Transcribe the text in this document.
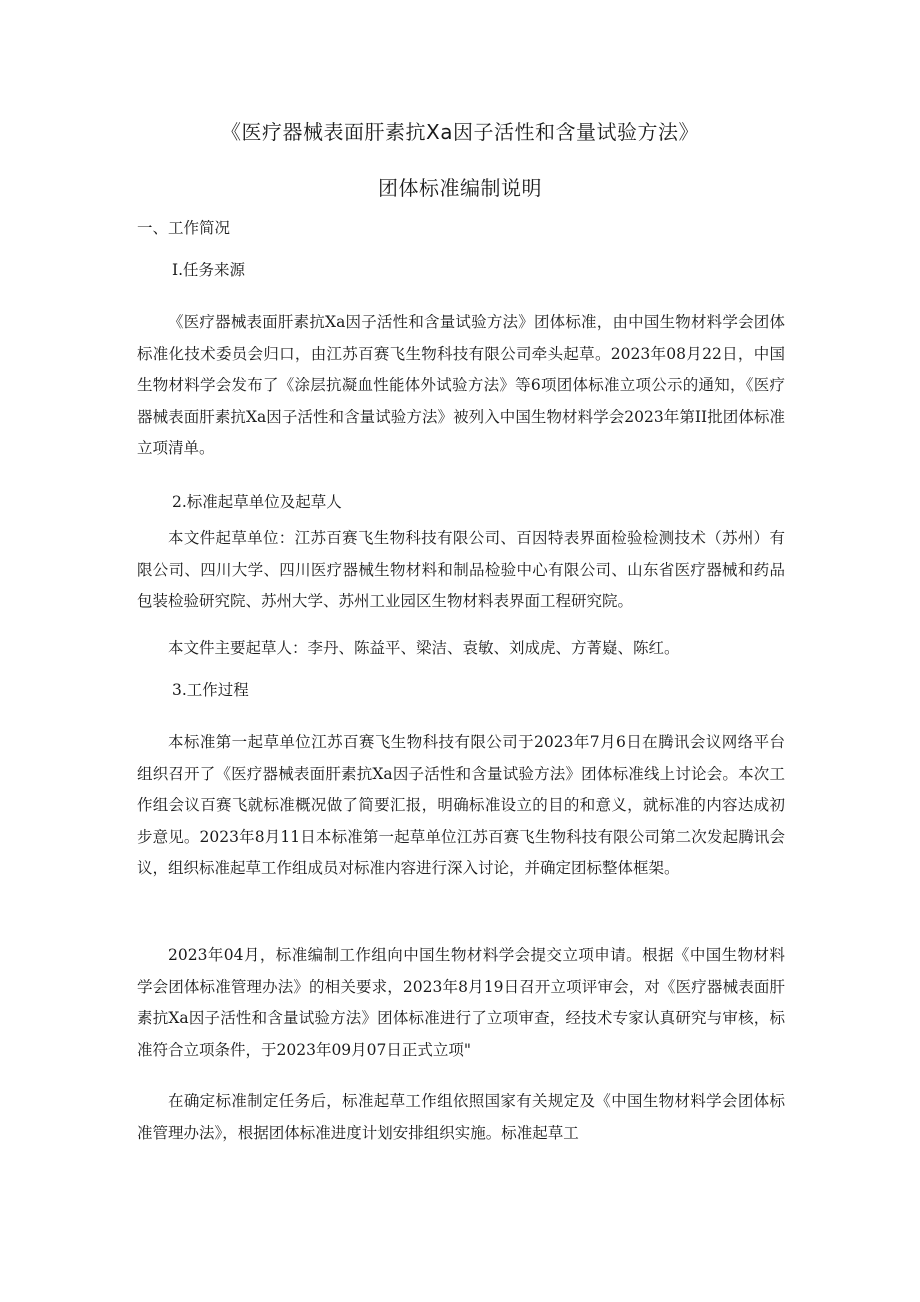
《医疗器械表面肝素抗Xa因子活性和含量试验方法》
团体标准编制说明
一、工作简况
I.任务来源
《医疗器械表面肝素抗Xa因子活性和含量试验方法》团体标准，由中国生物材料学会团体标准化技术委员会归口，由江苏百赛飞生物科技有限公司牵头起草。2023年08月22日，中国生物材料学会发布了《涂层抗凝血性能体外试验方法》等6项团体标准立项公示的通知，《医疗器械表面肝素抗Xa因子活性和含量试验方法》被列入中国生物材料学会2023年第II批团体标准立项清单。
2.标准起草单位及起草人
本文件起草单位：江苏百赛飞生物科技有限公司、百因特表界面检验检测技术（苏州）有限公司、四川大学、四川医疗器械生物材料和制品检验中心有限公司、山东省医疗器械和药品包装检验研究院、苏州大学、苏州工业园区生物材料表界面工程研究院。
本文件主要起草人：李丹、陈益平、梁洁、袁敏、刘成虎、方菁嶷、陈红。
3.工作过程
本标准第一起草单位江苏百赛飞生物科技有限公司于2023年7月6日在腾讯会议网络平台组织召开了《医疗器械表面肝素抗Xa因子活性和含量试验方法》团体标准线上讨论会。本次工作组会议百赛飞就标准概况做了简要汇报，明确标准设立的目的和意义，就标准的内容达成初步意见。2023年8月11日本标准第一起草单位江苏百赛飞生物科技有限公司第二次发起腾讯会议，组织标准起草工作组成员对标准内容进行深入讨论，并确定团标整体框架。
2023年04月，标准编制工作组向中国生物材料学会提交立项申请。根据《中国生物材料学会团体标准管理办法》的相关要求，2023年8月19日召开立项评审会，对《医疗器械表面肝素抗Xa因子活性和含量试验方法》团体标准进行了立项审查，经技术专家认真研究与审核，标准符合立项条件，于2023年09月07日正式立项"
在确定标准制定任务后，标准起草工作组依照国家有关规定及《中国生物材料学会团体标准管理办法》，根据团体标准进度计划安排组织实施。标准起草工
